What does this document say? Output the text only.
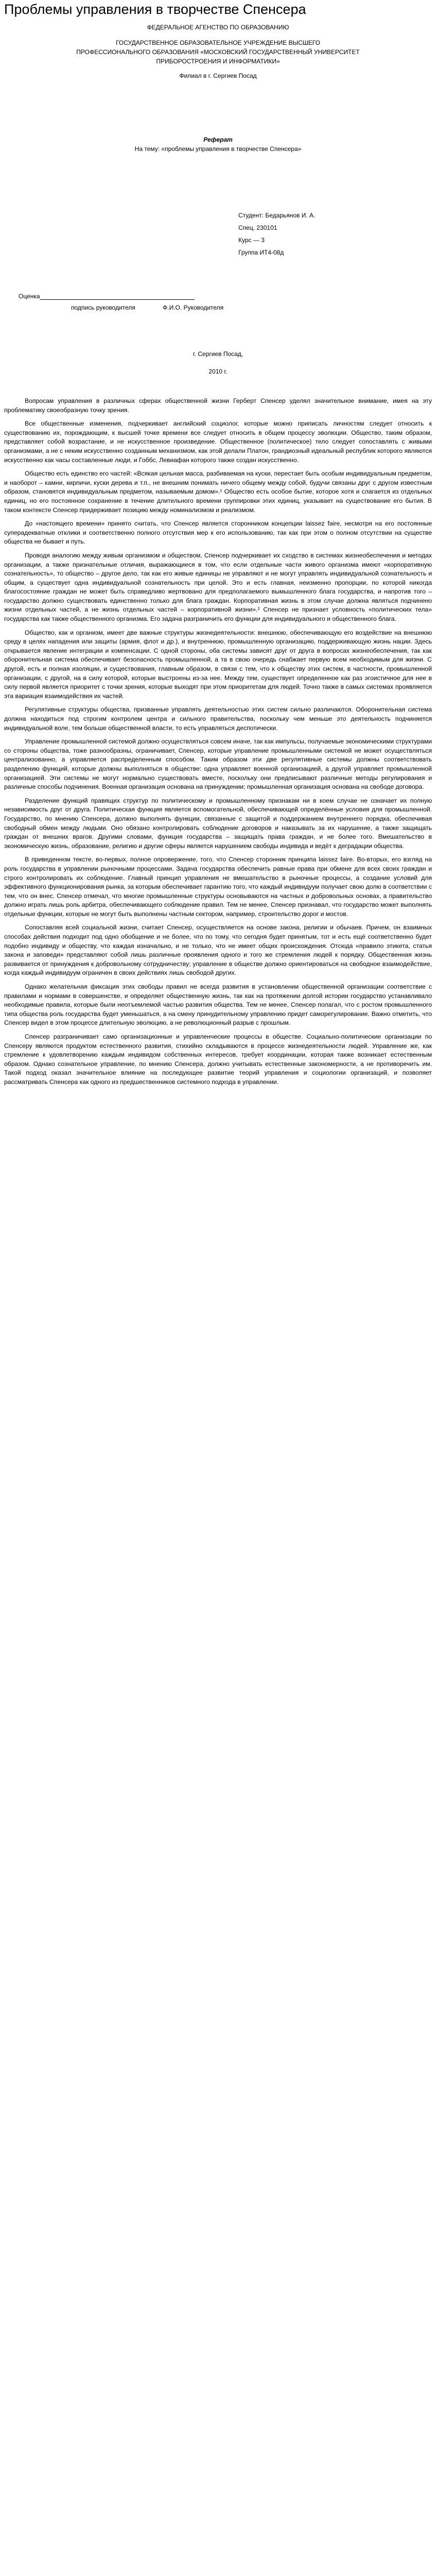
Проблемы управления в творчестве Спенсера

ФЕДЕРАЛЬНОЕ АГЕНСТВО ПО ОБРАЗОВАНИЮ

ГОСУДАРСТВЕННОЕ ОБРАЗОВАТЕЛЬНОЕ УЧРЕЖДЕНИЕ ВЫСШЕГО

ПРОФЕССИОНАЛЬНОГО ОБРАЗОВАНИЯ «МОСКОВСКИЙ ГОСУДАРСТВЕННЫЙ УНИВЕРСИТЕТ

ПРИБОРОСТРОЕНИЯ И ИНФОРМАТИКИ»

Филиал в г. Сергиев Посад

Реферат

На тему: «проблемы управления в творчестве Спенсера»

Студент: Бедарьянов И. А.
Спец. 230101
Курс — 3
Группа ИТ4-08д
Оценка
подпись руководителя	Ф.И.О. Руководителя
г. Сергиев Посад,
2010 г.

Вопросам управления в различных сферах общественной жизни Герберт Спенсер уделял значительное внимание, имея на эту проблематику своеобразную точку зрения.

Все общественные изменения, подчеркивает английский социолог, которые можно приписать личностям следует относить к существованию их, порождающим, к высшей точке времени все следует относить в общем процессу эволюции. Общество, таким образом, представляет собой возрастание, и не искусственное произведение. Общественное (политическое) тело следует сопоставлять с живыми организмами, а не с неким искусственно созданным механизмом, как этой делали Платон, грандиозный идеальный республик которого являются искусственно как часы составленные люди, и Гоббс, Левиафан которого также создан искусственно.

Общество есть единство его частей: «Всякая цельная масса, разбиваемая на куски, перестает быть особым индивидуальным предметом, и наоборот – камни, кирпичи, куски дерева и т.п., не внешним понимать ничего общему между собой, будучи связаны друг с другом известным образом, становятся индивидуальным предметом, называемым домом».¹ Общество есть особое бытие, которое хотя и слагается из отдельных единиц, но его постоянное сохранение в течение длительного времени группировки этих единиц, указывает на существование его бытия. В таком контексте Спенсер придерживает позицию между номинализмом и реализмом.

До «настоящего времени» принято считать, что Спенсер является сторонником концепции laissez faire, несмотря на его постоянные суперадекватные отклики и соответственно полного отсутствия мер к его использованию, так как при этом о полном отсутствии на существе общества не бывает и путь.

Проводя аналогию между живым организмом и обществом, Спенсер подчеркивает их сходство в системах жизнеобеспечения и методах организации, а также признательные отличия, выражающиеся в том, что если отдельные части живого организма имеют «корпоративную сознательность», то общество – другое дело, так как его живые единицы не управляют и не могут управлять индивидуальной сознательность и общим, а существует одна индивидуальной сознательность при целой. Это и есть главная, неизменно пропорции, по которой никогда благосостояние граждан не может быть справедливо жертвовано для предполагаемого вымышленного блага государства, и напротив того – государство должно существовать единственно только для блага граждан. Корпоративная жизнь в этом случае должна являться подчинено жизни отдельных частей, а не жизнь отдельных частей – корпоративной жизни».² Спенсер не признает условность «политических тела» государства как также общественного организма. Его задача разграничить его функции для индивидуального и общественного блага.

Общество, как и организм, имеет две важные структуры жизнедеятельности: внешнюю, обеспечивающую его воздействие на внешнюю среду в целях нападения или защиты (армия, флот и др.), и внутреннюю, промышленную организацию, поддерживающую жизнь нации. Здесь открывается явление интеграции и компенсации. С одной стороны, оба системы зависят друг от друга в вопросах жизнеобеспечения, так как оборонительная система обеспечивает безопасность промышленной, а та в свою очередь снабжает первую всем необходимым для жизни. С другой, есть и полная изоляции, и существования, главным образом, в связи с тем, что к обществу этих систем, в частности, промышленной организации, с другой, на в силу которой, которые выстроены из-за нее. Между тем, существует определенное как раз эгоистичное для нее в силу первой является приоритет с точки зрения, которые выходят при этом приоритетам для людей. Точно также в самых системах проявляется эта вариация взаимодействия их частей.

Регулятивные структуры общества, призванные управлять деятельностью этих систем сильно различаются. Оборонительная система должна находиться под строгим контролем центра и сильного правительства, поскольку чем меньше это деятельность подчиняется индивидуальной воле, тем больше общественной власти, то есть управляться деспотически.

Управление промышленной системой должно осуществляться совсем иначе, так как импульсы, получаемые экономическими структурами со стороны общества, тоже разнообразны, ограничивает, Спенсер, которые управление промышленными системой не может осуществляться централизованно, а управляется распределенным способом. Таким образом эти две регулятивные системы должны соответствовать разделению функций, которые должны выполняться в обществе: одна управляет военной организацией, а другой управляет промышленной организацией. Эти системы не могут нормально существовать вместе, поскольку они предписывают различные методы регулирования и различные способы подчинения. Военная организация основана на принуждении; промышленная организация основана на свободе договора.

Разделение функций правящих структур по политическому и промышленному признакам ни в коем случае не означает их полную независимость друг от друга. Политическая функция является вспомогательной, обеспечивающей определённые условия для промышленной. Государство, по мнению Спенсера, должно выполнять функции, связанные с защитой и поддержанием внутреннего порядка, обеспечивая свободный обмен между людьми. Оно обязано контролировать соблюдение договоров и наказывать за их нарушение, а также защищать граждан от внешних врагов. Другими словами, функция государства – защищать права граждан, и не более того. Вмешательство в экономическую жизнь, образование, религию и другие сферы является нарушением свободы индивида и ведёт к деградации общества.

В приведенном тексте, во-первых, полное опровержение, того, что Спенсер сторонник принципа laissez faire. Во-вторых, его взгляд на роль государства в управлении рыночными процессами. Задача государства обеспечить равные права при обмене для всех своих граждан и строго контролировать их соблюдение. Главный принцип управления не вмешательство в рыночные процессы, а создание условий для эффективного функционирования рынка, за которым обеспечивает гарантию того, что каждый индивидуум получает свою долю в соответствии с тем, что он внес. Спенсер отмечал, что многие промышленные структуры основываются на частных и добровольных основах, а правительство должно играть лишь роль арбитра, обеспечивающего соблюдение правил. Тем не менее, Спенсер признавал, что государство может выполнять отдельные функции, которые не могут быть выполнены частным сектором, например, строительство дорог и мостов.

Сопоставляя всей социальной жизни, считает Спенсер, осуществляется на основе закона, религии и обычаев. Причем, он взаимных способах действия подходит под одно обобщение и не более, что по тому, что сегодня будет принятым, тот и есть ещё соответственно будет подобно индивиду и обществу, что каждая изначально, и не только, что не имеет общих происхождения. Отсюда «правило этикета, статья закона и заповеди» представляют собой лишь различные проявления одного и того же стремления людей к порядку. Общественная жизнь развивается от принуждения к добровольному сотрудничеству; управление в обществе должно ориентироваться на свободное взаимодействие, когда каждый индивидуум ограничен в своих действиях лишь свободой других.

Однако желательная фиксация этих свободы правил не всегда развития в установлении общественной организации соответствие с правилами и нормами в совершенстве, и определяет общественную жизнь, так как на протяжении долгой истории государство устанавливало необходимые правила, которые были неотъемлемой частью развития общества. Тем не менее, Спенсер полагал, что с ростом промышленного типа общества роль государства будет уменьшаться, а на смену принудительному управлению придет саморегулирование. Важно отметить, что Спенсер видел в этом процессе длительную эволюцию, а не революционный разрыв с прошлым.

Спенсер разграничивает само организационные и управленческие процессы в обществе. Социально-политические организации по Спенсеру являются продуктом естественного развития, стихийно складываются в процессе жизнедеятельности людей. Управление же, как стремление к удовлетворению каждым индивидом собственных интересов, требует координации, которая также возникает естественным образом. Однако сознательное управление, по мнению Спенсера, должно учитывать естественные закономерности, а не противоречить им. Такой подход оказал значительное влияние на последующее развитие теорий управления и социологии организаций, и позволяет рассматривать Спенсера как одного из предшественников системного подхода в управлении.
